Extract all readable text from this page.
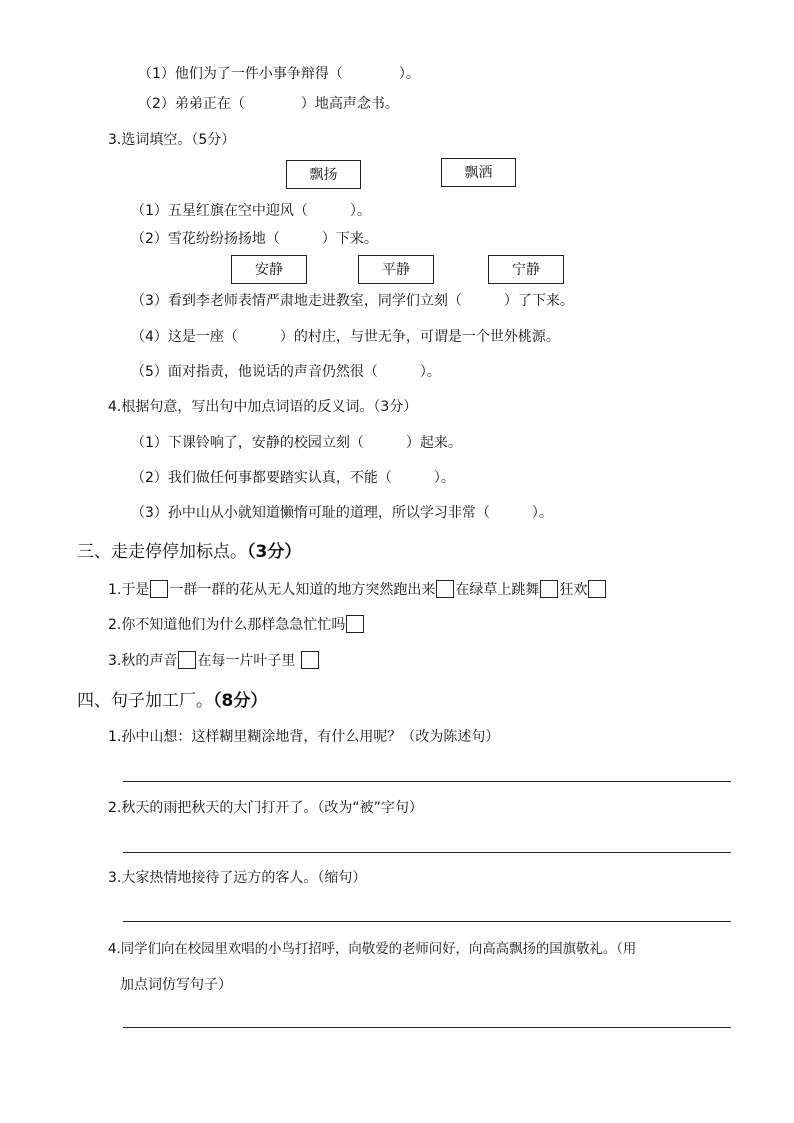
（1）他们为了一件小事争辩得（　　　　）。
（2）弟弟正在（　　　　）地高声念书。
3.选词填空。（5分）
飘扬	飘洒
（1）五星红旗在空中迎风（　　　）。
（2）雪花纷纷扬扬地（　　　）下来。
安静	平静	宁静
（3）看到李老师表情严肃地走进教室，同学们立刻（　　　）了下来。
（4）这是一座（　　　）的村庄，与世无争，可谓是一个世外桃源。
（5）面对指责，他说话的声音仍然很（　　　）。
4.根据句意，写出句中加点词语的反义词。（3分）
（1）下课铃响了，安静的校园立刻（　　　）起来。
（2）我们做任何事都要踏实认真，不能（　　　）。
（3）孙中山从小就知道懒惰可耻的道理，所以学习非常（　　　）。
三、走走停停加标点。（3分）
1.于是 一群一群的花从无人知道的地方突然跑出来 在绿草上跳舞 狂欢
2.你不知道他们为什么那样急急忙忙吗
3.秋的声音 在每一片叶子里
四、句子加工厂。（8分）
1.孙中山想：这样糊里糊涂地背，有什么用呢？（改为陈述句）
2.秋天的雨把秋天的大门打开了。（改为“被”字句）
3.大家热情地接待了远方的客人。（缩句）
4.同学们向在校园里欢唱的小鸟打招呼，向敬爱的老师问好，向高高飘扬的国旗敬礼。（用
加点词仿写句子）
